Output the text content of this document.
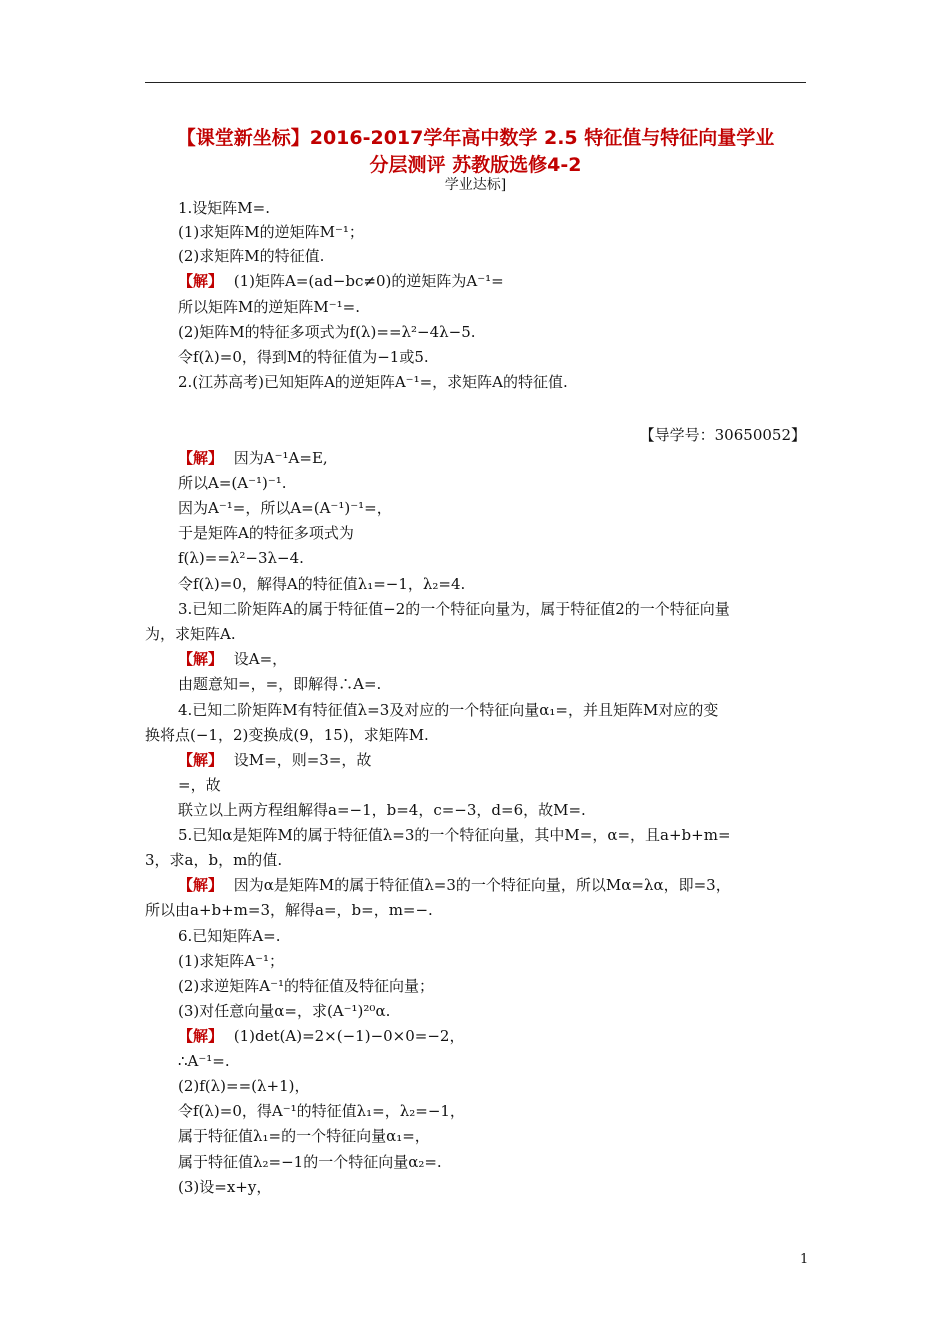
【课堂新坐标】2016-2017学年高中数学 2.5 特征值与特征向量学业
分层测评 苏教版选修4-2
学业达标]
1.设矩阵M=.
(1)求矩阵M的逆矩阵M⁻¹；
(2)求矩阵M的特征值.
【解】 (1)矩阵A=(ad−bc≠0)的逆矩阵为A⁻¹=
所以矩阵M的逆矩阵M⁻¹=.
(2)矩阵M的特征多项式为f(λ)==λ²−4λ−5.
令f(λ)=0，得到M的特征值为−1或5.
2.(江苏高考)已知矩阵A的逆矩阵A⁻¹=，求矩阵A的特征值.
【导学号：30650052】
【解】 因为A⁻¹A=E,
所以A=(A⁻¹)⁻¹.
因为A⁻¹=，所以A=(A⁻¹)⁻¹=，
于是矩阵A的特征多项式为
f(λ)==λ²−3λ−4.
令f(λ)=0，解得A的特征值λ₁=−1，λ₂=4.
3.已知二阶矩阵A的属于特征值−2的一个特征向量为，属于特征值2的一个特征向量
为，求矩阵A.
【解】 设A=，
由题意知=，=，即解得∴A=.
4.已知二阶矩阵M有特征值λ=3及对应的一个特征向量α₁=，并且矩阵M对应的变
换将点(−1，2)变换成(9，15)，求矩阵M.
【解】 设M=，则=3=，故
=，故
联立以上两方程组解得a=−1，b=4，c=−3，d=6，故M=.
5.已知α是矩阵M的属于特征值λ=3的一个特征向量，其中M=，α=，且a+b+m=
3，求a，b，m的值.
【解】 因为α是矩阵M的属于特征值λ=3的一个特征向量，所以Mα=λα，即=3，
所以由a+b+m=3，解得a=，b=，m=−.
6.已知矩阵A=.
(1)求矩阵A⁻¹；
(2)求逆矩阵A⁻¹的特征值及特征向量；
(3)对任意向量α=，求(A⁻¹)²⁰α.
【解】 (1)det(A)=2×(−1)−0×0=−2，
∴A⁻¹=.
(2)f(λ)==(λ+1)，
令f(λ)=0，得A⁻¹的特征值λ₁=，λ₂=−1，
属于特征值λ₁=的一个特征向量α₁=，
属于特征值λ₂=−1的一个特征向量α₂=.
(3)设=x+y，
1
